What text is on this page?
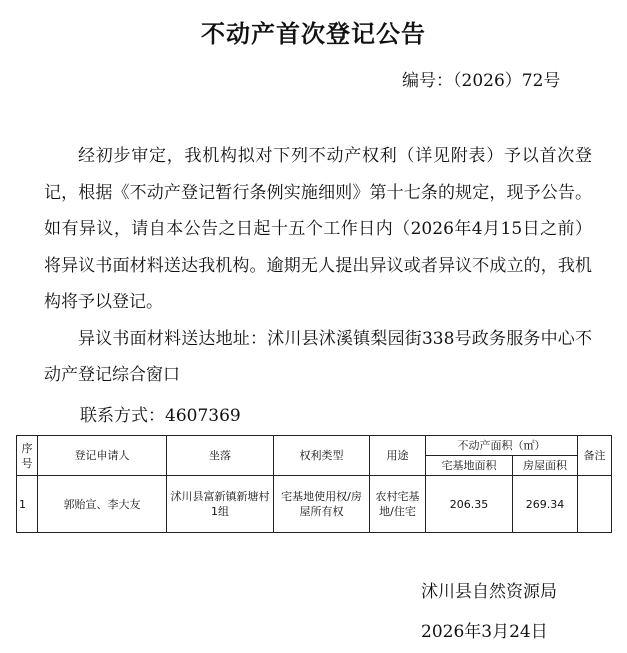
不动产首次登记公告
编号：（2026）72号

经初步审定，我机构拟对下列不动产权利（详见附表）予以首次登记，根据《不动产登记暂行条例实施细则》第十七条的规定，现予公告。如有异议，请自本公告之日起十五个工作日内（2026年4月15日之前）将异议书面材料送达我机构。逾期无人提出异议或者异议不成立的，我机构将予以登记。

异议书面材料送达地址：沭川县沭溪镇梨园街338号政务服务中心不动产登记综合窗口

联系方式：4607369
序号	登记申请人	坐落	权利类型	用途	不动产面积（㎡）		备注
					宅基地面积	房屋面积	
1	郭贻宣、李大友	沭川县富新镇新塘村1组	宅基地使用权/房屋所有权	农村宅基地/住宅	206.35	269.34	
沭川县自然资源局
2026年3月24日
